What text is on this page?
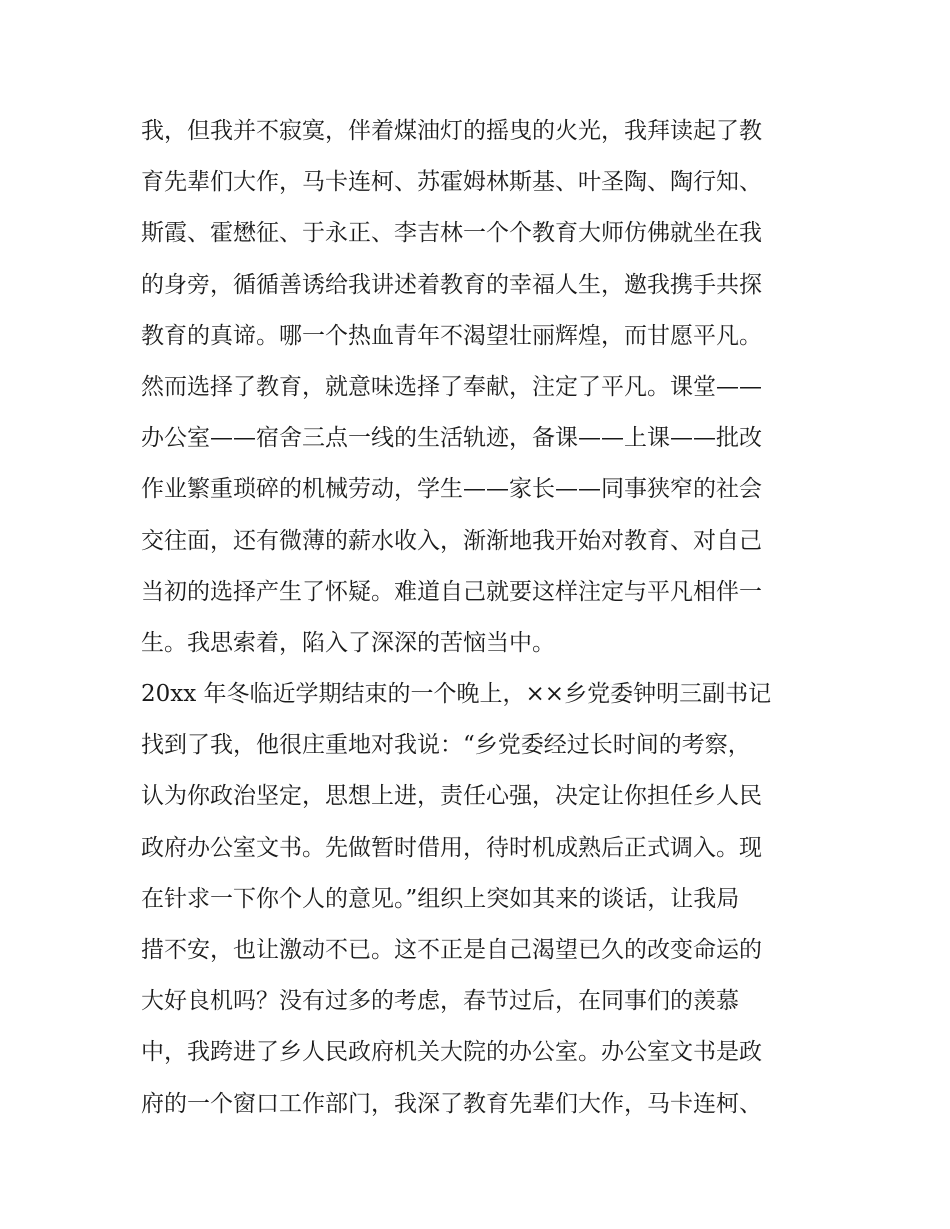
我，但我并不寂寞，伴着煤油灯的摇曳的火光，我拜读起了教
育先辈们大作，马卡连柯、苏霍姆林斯基、叶圣陶、陶行知、
斯霞、霍懋征、于永正、李吉林一个个教育大师仿佛就坐在我
的身旁，循循善诱给我讲述着教育的幸福人生，邀我携手共探
教育的真谛。哪一个热血青年不渴望壮丽辉煌，而甘愿平凡。
然而选择了教育，就意味选择了奉献，注定了平凡。课堂——
办公室——宿舍三点一线的生活轨迹，备课——上课——批改
作业繁重琐碎的机械劳动，学生——家长——同事狭窄的社会
交往面，还有微薄的薪水收入，渐渐地我开始对教育、对自己
当初的选择产生了怀疑。难道自己就要这样注定与平凡相伴一
生。我思索着，陷入了深深的苦恼当中。
20xx 年冬临近学期结束的一个晚上，××乡党委钟明三副书记
找到了我，他很庄重地对我说：“乡党委经过长时间的考察，
认为你政治坚定，思想上进，责任心强，决定让你担任乡人民
政府办公室文书。先做暂时借用，待时机成熟后正式调入。现
在针求一下你个人的意见。”组织上突如其来的谈话，让我局
措不安，也让激动不已。这不正是自己渴望已久的改变命运的
大好良机吗？没有过多的考虑，春节过后，在同事们的羡慕
中，我跨进了乡人民政府机关大院的办公室。办公室文书是政
府的一个窗口工作部门，我深了教育先辈们大作，马卡连柯、
